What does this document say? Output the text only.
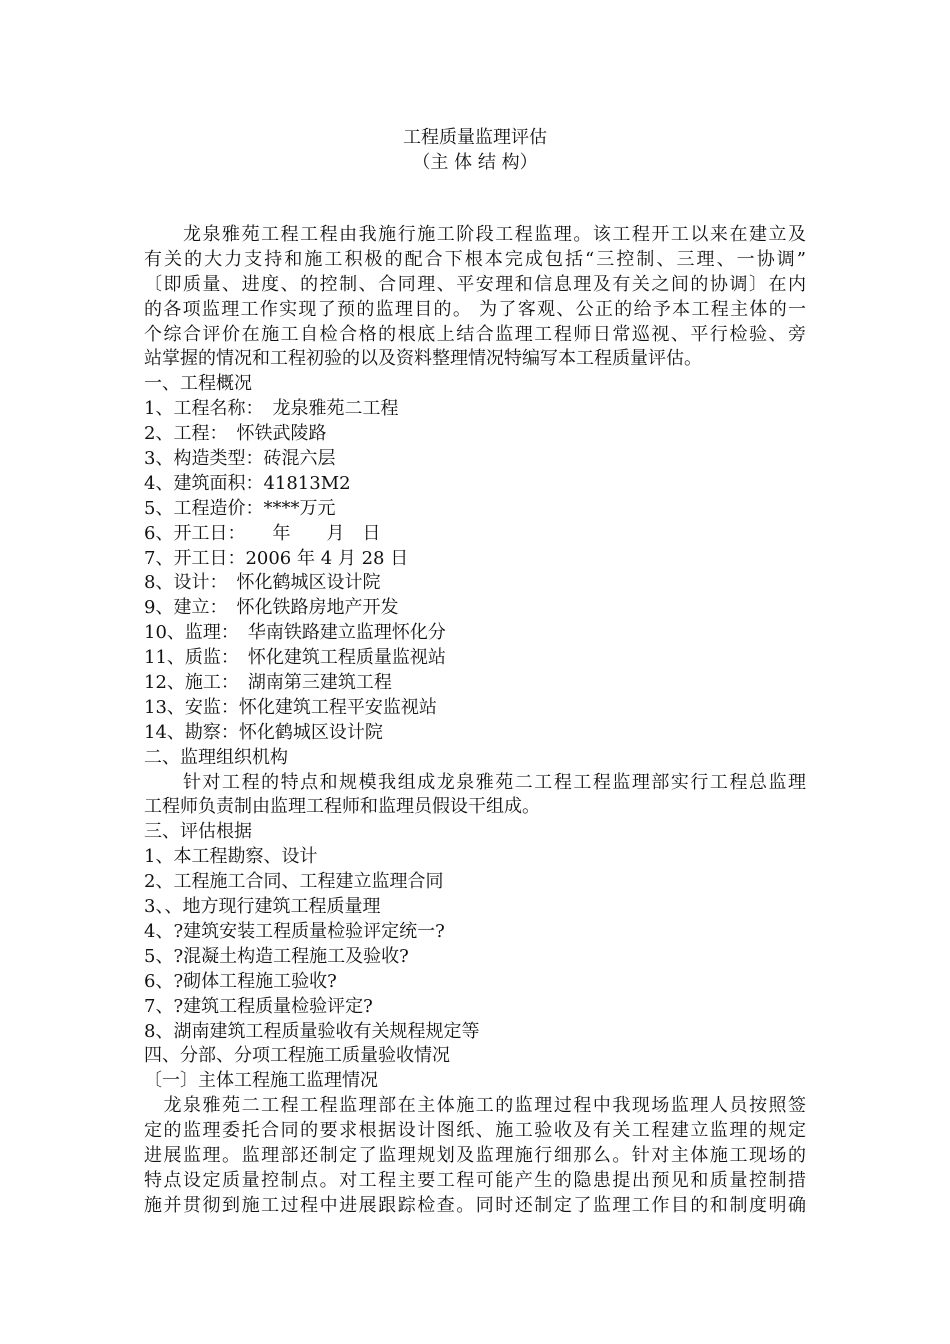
工程质量监理评估
（主 体 结 构）
　　龙泉雅苑工程工程由我施行施工阶段工程监理。该工程开工以来在建立及
有关的大力支持和施工积极的配合下根本完成包括“三控制、三理、一协调”
〔即质量、进度、的控制、合同理、平安理和信息理及有关之间的协调〕在内
的各项监理工作实现了预的监理目的。 为了客观、公正的给予本工程主体的一
个综合评价在施工自检合格的根底上结合监理工程师日常巡视、平行检验、旁
站掌握的情况和工程初验的以及资料整理情况特编写本工程质量评估。
一、工程概况
1、工程名称：　龙泉雅苑二工程
2、工程：　怀铁武陵路
3、构造类型：砖混六层
4、建筑面积：41813M2
5、工程造价：****万元
6、开工日：　　年　　月　日
7、开工日：2006 年 4 月 28 日
8、设计：　怀化鹤城区设计院
9、建立：　怀化铁路房地产开发
10、监理：　华南铁路建立监理怀化分
11、质监：　怀化建筑工程质量监视站
12、施工：　湖南第三建筑工程
13、安监：怀化建筑工程平安监视站
14、勘察：怀化鹤城区设计院
二、监理组织机构
　　针对工程的特点和规模我组成龙泉雅苑二工程工程监理部实行工程总监理
工程师负责制由监理工程师和监理员假设干组成。
三、评估根据
1、本工程勘察、设计
2、工程施工合同、工程建立监理合同
3、、地方现行建筑工程质量理
4、?建筑安装工程质量检验评定统一?
5、?混凝土构造工程施工及验收?
6、?砌体工程施工验收?
7、?建筑工程质量检验评定?
8、湖南建筑工程质量验收有关规程规定等
四、分部、分项工程施工质量验收情况
〔一〕主体工程施工监理情况
　龙泉雅苑二工程工程监理部在主体施工的监理过程中我现场监理人员按照签
定的监理委托合同的要求根据设计图纸、施工验收及有关工程建立监理的规定
进展监理。监理部还制定了监理规划及监理施行细那么。针对主体施工现场的
特点设定质量控制点。对工程主要工程可能产生的隐患提出预见和质量控制措
施并贯彻到施工过程中进展跟踪检查。同时还制定了监理工作目的和制度明确
